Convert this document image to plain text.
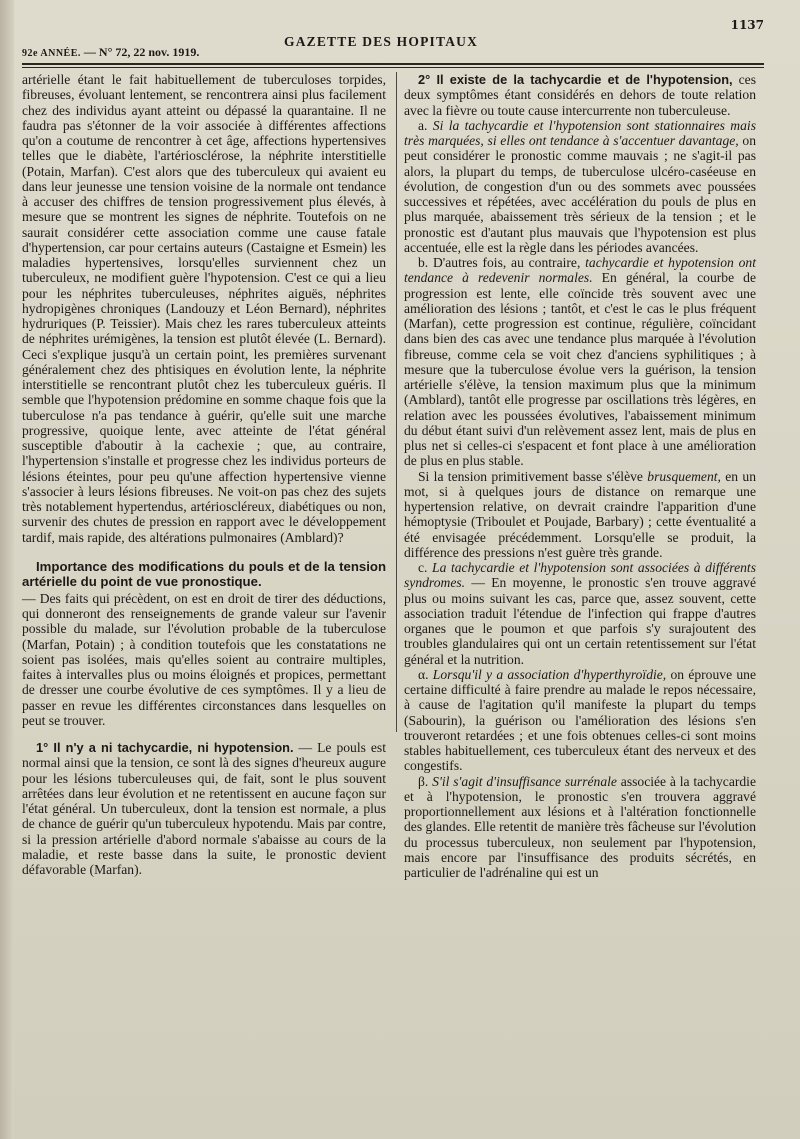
92e ANNÉE. — N° 72, 22 nov. 1919.
GAZETTE DES HOPITAUX
1137

artérielle étant le fait habituellement de tuberculoses torpides, fibreuses, évoluant lentement, se rencontrera ainsi plus facilement chez des individus ayant atteint ou dépassé la quarantaine. Il ne faudra pas s'étonner de la voir associée à différentes affections qu'on a coutume de rencontrer à cet âge, affections hypertensives telles que le diabète, l'artériosclérose, la néphrite interstitielle (Potain, Marfan). C'est alors que des tuberculeux qui avaient eu dans leur jeunesse une tension voisine de la normale ont tendance à accuser des chiffres de tension progressivement plus élevés, à mesure que se montrent les signes de néphrite. Toutefois on ne saurait considérer cette association comme une cause fatale d'hypertension, car pour certains auteurs (Castaigne et Esmein) les maladies hypertensives, lorsqu'elles surviennent chez un tuberculeux, ne modifient guère l'hypotension. C'est ce qui a lieu pour les néphrites tuberculeuses, néphrites aiguës, néphrites hydropigènes chroniques (Landouzy et Léon Bernard), néphrites hydruriques (P. Teissier). Mais chez les rares tuberculeux atteints de néphrites urémigènes, la tension est plutôt élevée (L. Bernard). Ceci s'explique jusqu'à un certain point, les premières survenant généralement chez des phtisiques en évolution lente, la néphrite interstitielle se rencontrant plutôt chez les tuberculeux guéris. Il semble que l'hypotension prédomine en somme chaque fois que la tuberculose n'a pas tendance à guérir, qu'elle suit une marche progressive, quoique lente, avec atteinte de l'état général susceptible d'aboutir à la cachexie ; que, au contraire, l'hypertension s'installe et progresse chez les individus porteurs de lésions éteintes, pour peu qu'une affection hypertensive vienne s'associer à leurs lésions fibreuses. Ne voit-on pas chez des sujets très notablement hypertendus, artérioscléreux, diabétiques ou non, survenir des chutes de pression en rapport avec le développement tardif, mais rapide, des altérations pulmonaires (Amblard)?

Importance des modifications du pouls et de la tension artérielle du point de vue pronostique.

— Des faits qui précèdent, on est en droit de tirer des déductions, qui donneront des renseignements de grande valeur sur l'avenir possible du malade, sur l'évolution probable de la tuberculose (Marfan, Potain) ; à condition toutefois que les constatations ne soient pas isolées, mais qu'elles soient au contraire multiples, faites à intervalles plus ou moins éloignés et propices, permettant de dresser une courbe évolutive de ces symptômes. Il y a lieu de passer en revue les différentes circonstances dans lesquelles on peut se trouver.

1° Il n'y a ni tachycardie, ni hypotension. — Le pouls est normal ainsi que la tension, ce sont là des signes d'heureux augure pour les lésions tuberculeuses qui, de fait, sont le plus souvent arrêtées dans leur évolution et ne retentissent en aucune façon sur l'état général. Un tuberculeux, dont la tension est normale, a plus de chance de guérir qu'un tuberculeux hypotendu. Mais par contre, si la pression artérielle d'abord normale s'abaisse au cours de la maladie, et reste basse dans la suite, le pronostic devient défavorable (Marfan).

2° Il existe de la tachycardie et de l'hypotension, ces deux symptômes étant considérés en dehors de toute relation avec la fièvre ou toute cause intercurrente non tuberculeuse.

a. Si la tachycardie et l'hypotension sont stationnaires mais très marquées, si elles ont tendance à s'accentuer davantage, on peut considérer le pronostic comme mauvais ; ne s'agit-il pas alors, la plupart du temps, de tuberculose ulcéro-caséeuse en évolution, de congestion d'un ou des sommets avec poussées successives et répétées, avec accélération du pouls de plus en plus marquée, abaissement très sérieux de la tension ; et le pronostic est d'autant plus mauvais que l'hypotension est plus accentuée, elle est la règle dans les périodes avancées.

b. D'autres fois, au contraire, tachycardie et hypotension ont tendance à redevenir normales. En général, la courbe de progression est lente, elle coïncide très souvent avec une amélioration des lésions ; tantôt, et c'est le cas le plus fréquent (Marfan), cette progression est continue, régulière, coïncidant dans bien des cas avec une tendance plus marquée à l'évolution fibreuse, comme cela se voit chez d'anciens syphilitiques ; à mesure que la tuberculose évolue vers la guérison, la tension artérielle s'élève, la tension maximum plus que la minimum (Amblard), tantôt elle progresse par oscillations très légères, en relation avec les poussées évolutives, l'abaissement minimum du début étant suivi d'un relèvement assez lent, mais de plus en plus net si celles-ci s'espacent et font place à une amélioration de plus en plus stable.

Si la tension primitivement basse s'élève brusquement, en un mot, si à quelques jours de distance on remarque une hypertension relative, on devrait craindre l'apparition d'une hémoptysie (Triboulet et Poujade, Barbary) ; cette éventualité a été envisagée précédemment. Lorsqu'elle se produit, la différence des pressions n'est guère très grande.

c. La tachycardie et l'hypotension sont associées à différents syndromes. — En moyenne, le pronostic s'en trouve aggravé plus ou moins suivant les cas, parce que, assez souvent, cette association traduit l'étendue de l'infection qui frappe d'autres organes que le poumon et que parfois s'y surajoutent des troubles glandulaires qui ont un certain retentissement sur l'état général et la nutrition.

α. Lorsqu'il y a association d'hyperthyroïdie, on éprouve une certaine difficulté à faire prendre au malade le repos nécessaire, à cause de l'agitation qu'il manifeste la plupart du temps (Sabourin), la guérison ou l'amélioration des lésions s'en trouveront retardées ; et une fois obtenues celles-ci sont moins stables habituellement, ces tuberculeux étant des nerveux et des congestifs.

β. S'il s'agit d'insuffisance surrénale associée à la tachycardie et à l'hypotension, le pronostic s'en trouvera aggravé proportionnellement aux lésions et à l'altération fonctionnelle des glandes. Elle retentit de manière très fâcheuse sur l'évolution du processus tuberculeux, non seulement par l'hypotension, mais encore par l'insuffisance des produits sécrétés, en particulier de l'adrénaline qui est un
